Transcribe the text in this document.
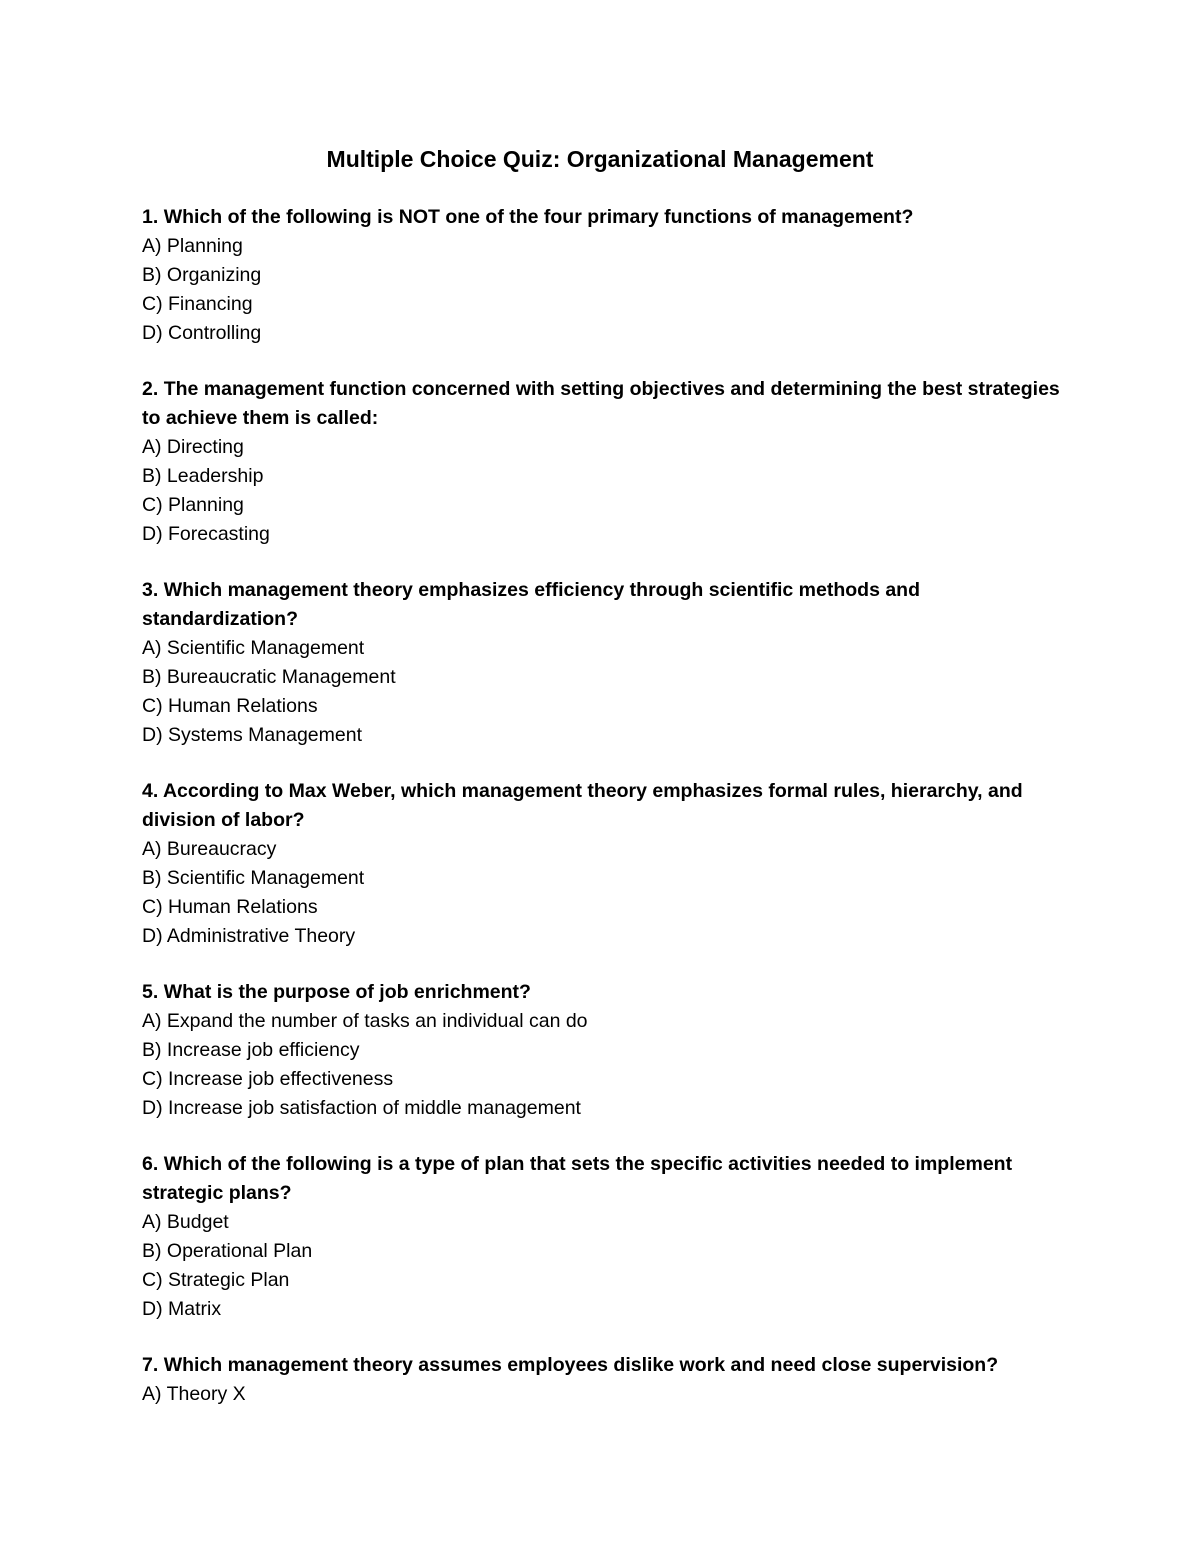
Multiple Choice Quiz: Organizational Management
1. Which of the following is NOT one of the four primary functions of management?
A) Planning
B) Organizing
C) Financing
D) Controlling
2. The management function concerned with setting objectives and determining the best strategies to achieve them is called:
A) Directing
B) Leadership
C) Planning
D) Forecasting
3. Which management theory emphasizes efficiency through scientific methods and standardization?
A) Scientific Management
B) Bureaucratic Management
C) Human Relations
D) Systems Management
4. According to Max Weber, which management theory emphasizes formal rules, hierarchy, and division of labor?
A) Bureaucracy
B) Scientific Management
C) Human Relations
D) Administrative Theory
5. What is the purpose of job enrichment?
A) Expand the number of tasks an individual can do
B) Increase job efficiency
C) Increase job effectiveness
D) Increase job satisfaction of middle management
6. Which of the following is a type of plan that sets the specific activities needed to implement strategic plans?
A) Budget
B) Operational Plan
C) Strategic Plan
D) Matrix
7. Which management theory assumes employees dislike work and need close supervision?
A) Theory X
